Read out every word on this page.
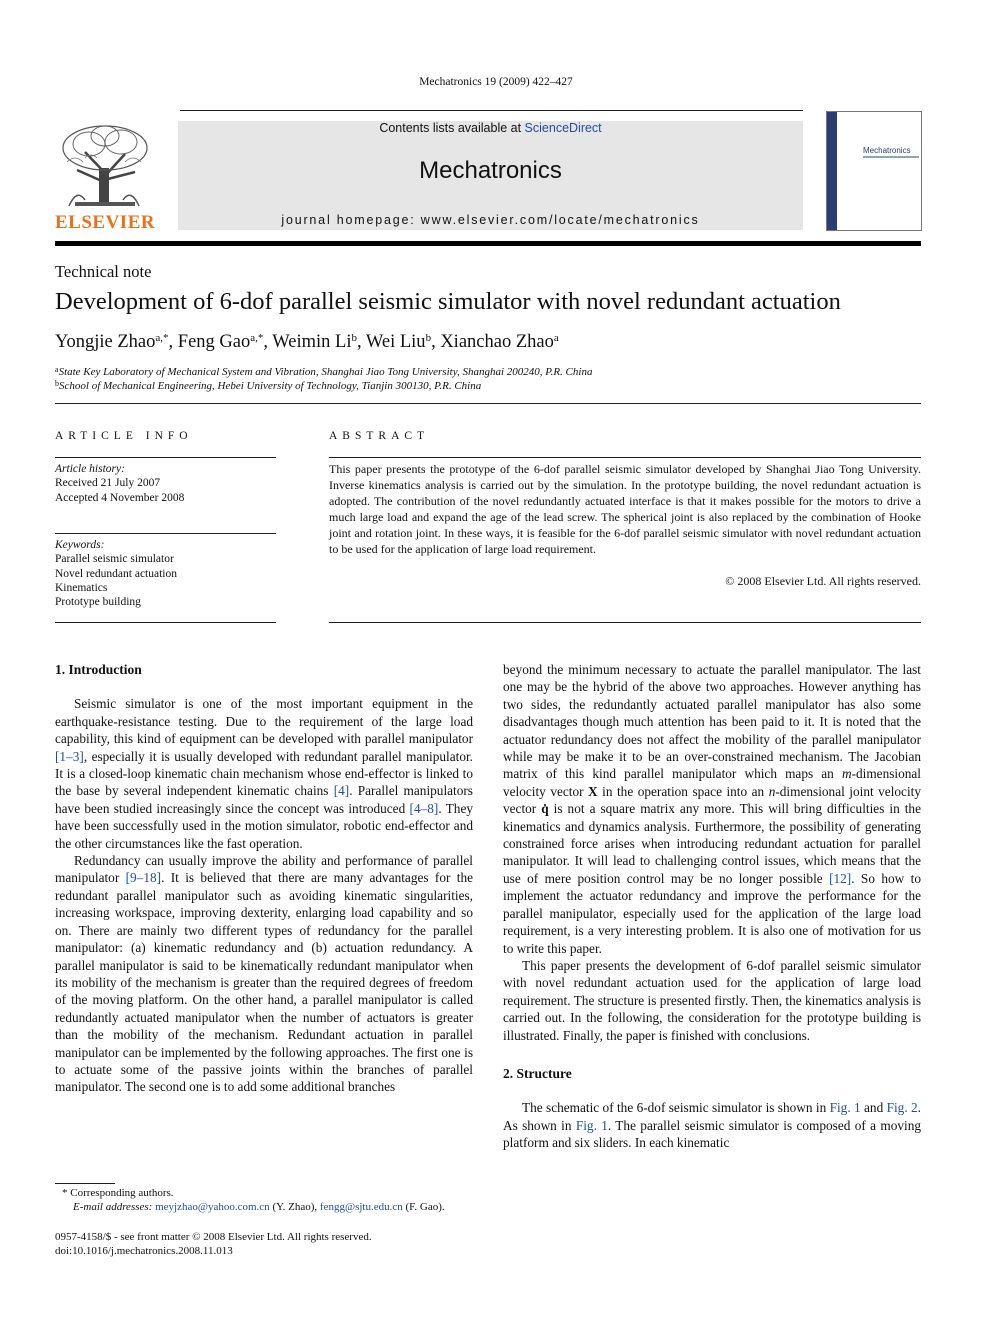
Mechatronics 19 (2009) 422–427
ELSEVIER
Contents lists available at ScienceDirect
Mechatronics
journal homepage: www.elsevier.com/locate/mechatronics
Mechatronics
Technical note
Development of 6-dof parallel seismic simulator with novel redundant actuation
Yongjie Zhao$^{a,*}$, Feng Gao$^{a,*}$, Weimin Li$^b$, Wei Liu$^b$, Xianchao Zhao$^a$
$^a$State Key Laboratory of Mechanical System and Vibration, Shanghai Jiao Tong University, Shanghai 200240, P.R. China
$^b$School of Mechanical Engineering, Hebei University of Technology, Tianjin 300130, P.R. China
ARTICLE INFO
Article history:
Received 21 July 2007
Accepted 4 November 2008
Keywords:
Parallel seismic simulator
Novel redundant actuation
Kinematics
Prototype building
ABSTRACT
This paper presents the prototype of the 6-dof parallel seismic simulator developed by Shanghai Jiao Tong University. Inverse kinematics analysis is carried out by the simulation. In the prototype building, the novel redundant actuation is adopted. The contribution of the novel redundantly actuated interface is that it makes possible for the motors to drive a much large load and expand the age of the lead screw. The spherical joint is also replaced by the combination of Hooke joint and rotation joint. In these ways, it is feasible for the 6-dof parallel seismic simulator with novel redundant actuation to be used for the application of large load requirement.
© 2008 Elsevier Ltd. All rights reserved.
1. Introduction

Seismic simulator is one of the most important equipment in the earthquake-resistance testing. Due to the requirement of the large load capability, this kind of equipment can be developed with parallel manipulator [1–3], especially it is usually developed with redundant parallel manipulator. It is a closed-loop kinematic chain mechanism whose end-effector is linked to the base by several independent kinematic chains [4]. Parallel manipulators have been studied increasingly since the concept was introduced [4–8]. They have been successfully used in the motion simulator, robotic end-effector and the other circumstances like the fast operation.

Redundancy can usually improve the ability and performance of parallel manipulator [9–18]. It is believed that there are many advantages for the redundant parallel manipulator such as avoiding kinematic singularities, increasing workspace, improving dexterity, enlarging load capability and so on. There are mainly two different types of redundancy for the parallel manipulator: (a) kinematic redundancy and (b) actuation redundancy. A parallel manipulator is said to be kinematically redundant manipulator when its mobility of the mechanism is greater than the required degrees of freedom of the moving platform. On the other hand, a parallel manipulator is called redundantly actuated manipulator when the number of actuators is greater than the mobility of the mechanism. Redundant actuation in parallel manipulator can be implemented by the following approaches. The first one is to actuate some of the passive joints within the branches of parallel manipulator. The second one is to add some additional branches

beyond the minimum necessary to actuate the parallel manipulator. The last one may be the hybrid of the above two approaches. However anything has two sides, the redundantly actuated parallel manipulator has also some disadvantages though much attention has been paid to it. It is noted that the actuator redundancy does not affect the mobility of the parallel manipulator while may be make it to be an over-constrained mechanism. The Jacobian matrix of this kind parallel manipulator which maps an m-dimensional velocity vector X in the operation space into an n-dimensional joint velocity vector q̇ is not a square matrix any more. This will bring difficulties in the kinematics and dynamics analysis. Furthermore, the possibility of generating constrained force arises when introducing redundant actuation for parallel manipulator. It will lead to challenging control issues, which means that the use of mere position control may be no longer possible [12]. So how to implement the actuator redundancy and improve the performance for the parallel manipulator, especially used for the application of the large load requirement, is a very interesting problem. It is also one of motivation for us to write this paper.

This paper presents the development of 6-dof parallel seismic simulator with novel redundant actuation used for the application of large load requirement. The structure is presented firstly. Then, the kinematics analysis is carried out. In the following, the consideration for the prototype building is illustrated. Finally, the paper is finished with conclusions.

2. Structure

The schematic of the 6-dof seismic simulator is shown in Fig. 1 and Fig. 2. As shown in Fig. 1. The parallel seismic simulator is composed of a moving platform and six sliders. In each kinematic

* Corresponding authors.
E-mail addresses: meyjzhao@yahoo.com.cn (Y. Zhao), fengg@sjtu.edu.cn (F. Gao).
0957-4158/$ - see front matter © 2008 Elsevier Ltd. All rights reserved.
doi:10.1016/j.mechatronics.2008.11.013
